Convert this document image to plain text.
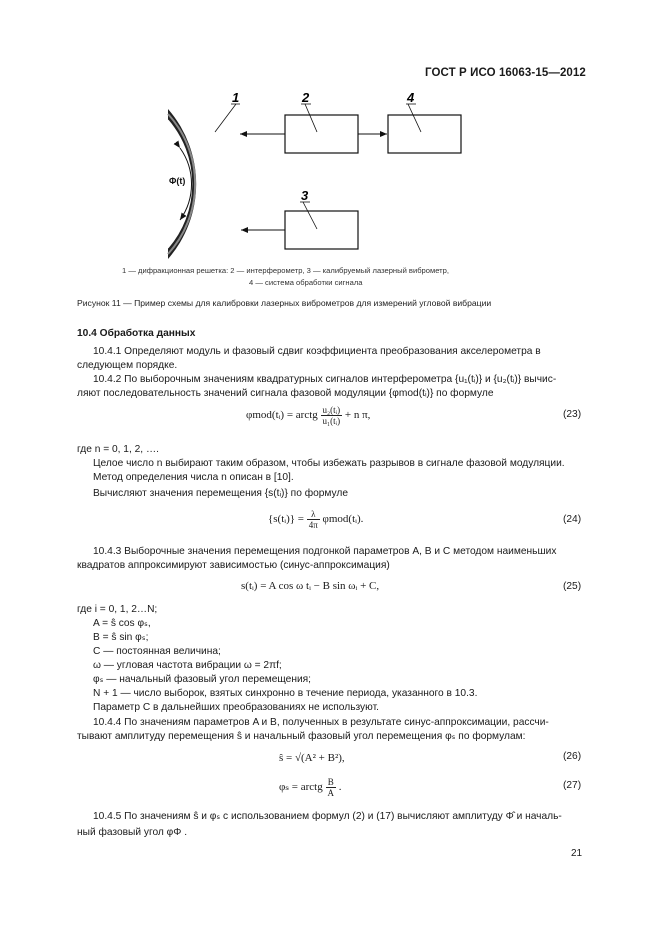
ГОСТ Р ИСО 16063-15—2012
Φ(t)
1	2	4
3
1 — дифракционная решетка: 2 — интерферометр, 3 — калибруемый лазерный виброметр,
4 — система обработки сигнала
Рисунок 11 — Пример схемы для калибровки лазерных виброметров для измерений угловой вибрации
10.4 Обработка данных
10.4.1 Определяют модуль и фазовый сдвиг коэффициента преобразования акселерометра в
следующем порядке.
10.4.2 По выборочным значениям квадратурных сигналов интерферометра {u₁(tᵢ)} и {u₂(tᵢ)} вычис-
ляют последовательность значений сигнала фазовой модуляции {φmod(tᵢ)} по формуле
φmod(tᵢ) = arctg $\frac{\text{u₂(tᵢ)}}{\text{u₁(tᵢ)}} + n$ π,	(23)
где n = 0, 1, 2, ….
Целое число n выбирают таким образом, чтобы избежать разрывов в сигнале фазовой модуляции.
Метод определения числа n описан в [10].
Вычисляют значения перемещения {s(tᵢ)} по формуле
{s(tᵢ)} = $\frac{\lambda}{4\pi}$ φmod(tᵢ).	(24)
10.4.3 Выборочные значения перемещения подгонкой параметров A, B и C методом наименьших
квадратов аппроксимируют зависимостью (синус-аппроксимация)
s(tᵢ) = A cos ω tᵢ − B sin ωᵢ + C,	(25)
где i = 0, 1, 2…N;
A = ŝ cos φₛ,
B = ŝ sin φₛ;
C — постоянная величина;
ω — угловая частота вибрации ω = 2πf;
φₛ — начальный фазовый угол перемещения;
N + 1 — число выборок, взятых синхронно в течение периода, указанного в 10.3.
Параметр C в дальнейших преобразованиях не используют.
10.4.4 По значениям параметров A и B, полученных в результате синус-аппроксимации, рассчи-
тывают амплитуду перемещения ŝ и начальный фазовый угол перемещения φₛ по формулам:
ŝ = √(A² + B²),	(26)
φₛ = arctg $\frac{B}{A}$ .	(27)
10.4.5 По значениям ŝ и φₛ с использованием формул (2) и (17) вычисляют амплитуду Φ̂ и началь-
ный фазовый угол φΦ .
21
